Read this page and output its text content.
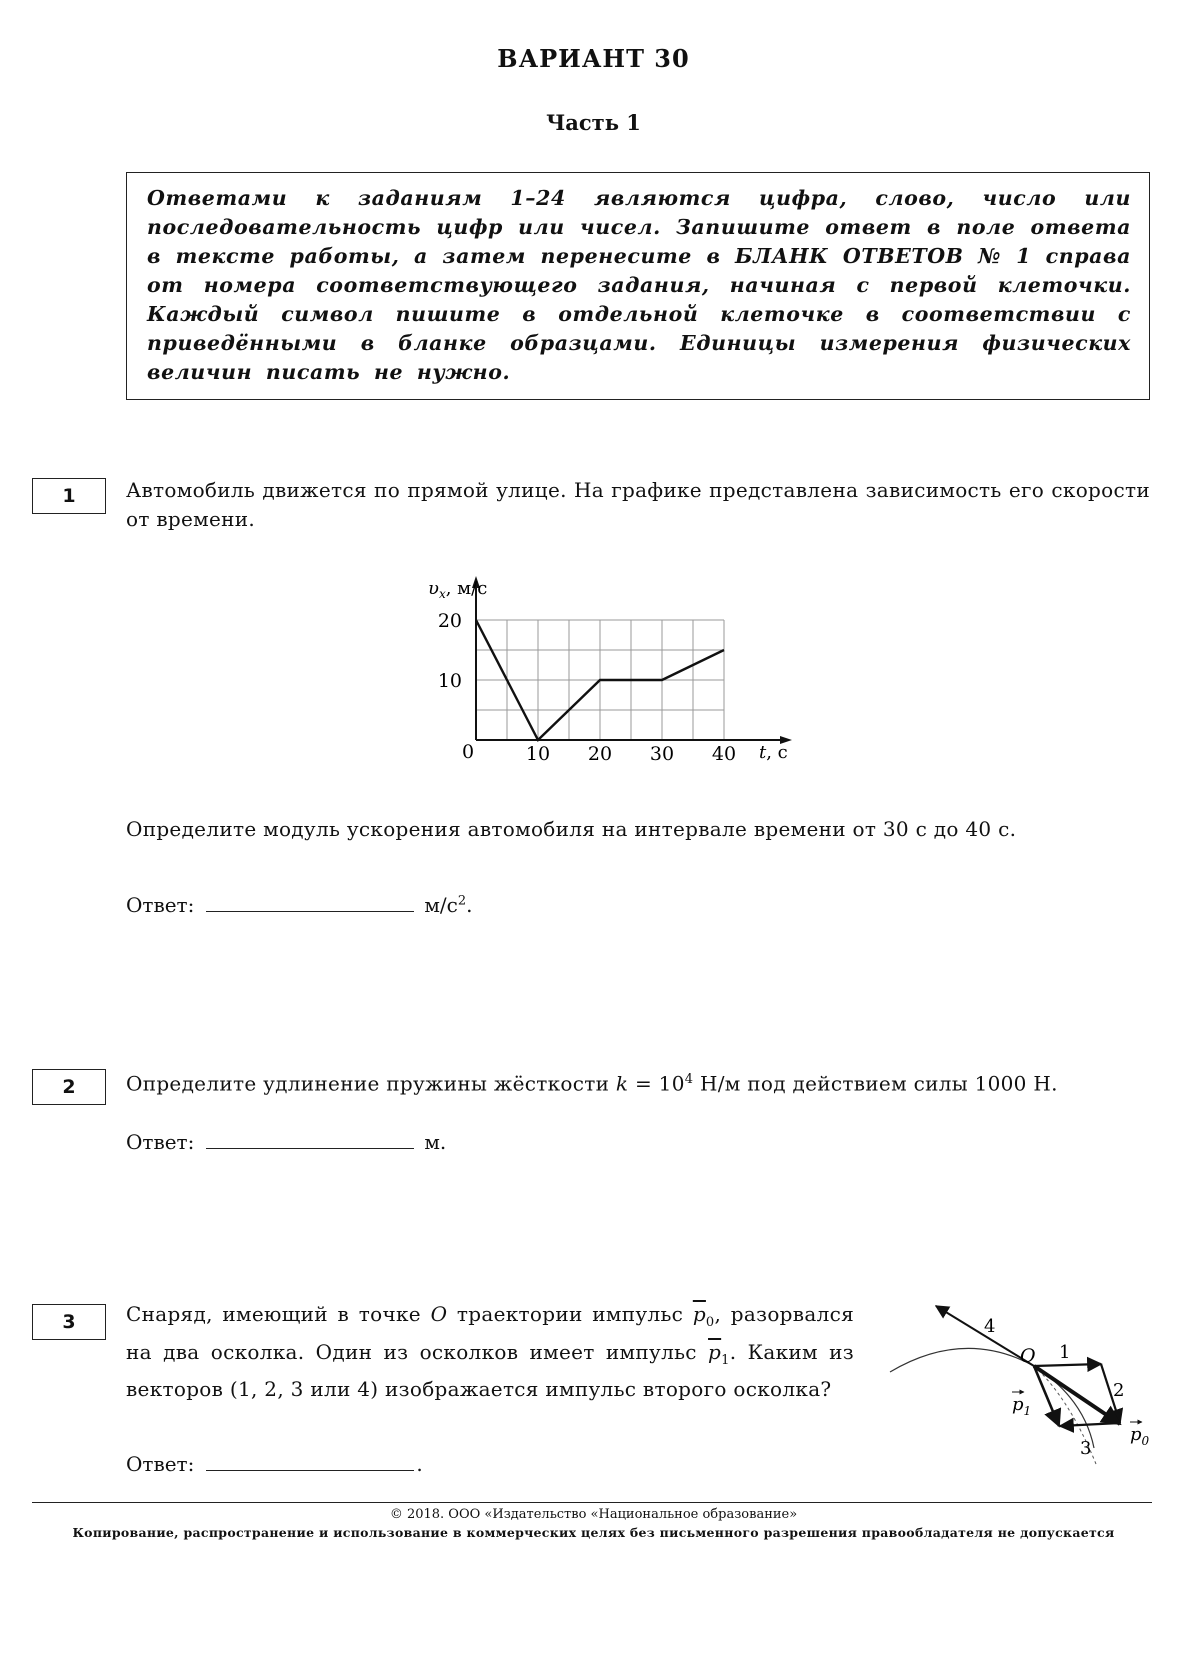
ВАРИАНТ 30
Часть 1

Ответами к заданиям 1–24 являются цифра, слово, число или последовательность цифр или чисел. Запишите ответ в поле ответа в тексте работы, а затем перенесите в БЛАНК ОТВЕТОВ № 1 справа от номера соответствующего задания, начиная с первой клеточки. Каждый символ пишите в отдельной клеточке в соответствии с приведёнными в бланке образцами. Единицы измерения физических величин писать не нужно.

1	Автомобиль движется по прямой улице. На графике представлена зависимость его скорости от времени.
10 20 30 40
10
20
0
$\upsilon_x$, м/с
t, с
Определите модуль ускорения автомобиля на интервале времени от 30 с до 40 с.
Ответ:	$м/с^2$.
2	Определите удлинение пружины жёсткости $k = 10^4$ Н/м под действием силы 1000 Н.
Ответ:	м.
3	Снаряд, имеющий в точке O траектории импульс $\overline{p}_0$, разорвался на два осколка. Один из осколков имеет импульс $\overline{p}_1$. Каким из векторов (1, 2, 3 или 4) изображается импульс второго осколка?
Ответ:	.
O 1
2
3
4
$p_1$
$p_0$
© 2018. ООО «Издательство «Национальное образование»
Копирование, распространение и использование в коммерческих целях без письменного разрешения правообладателя не допускается
